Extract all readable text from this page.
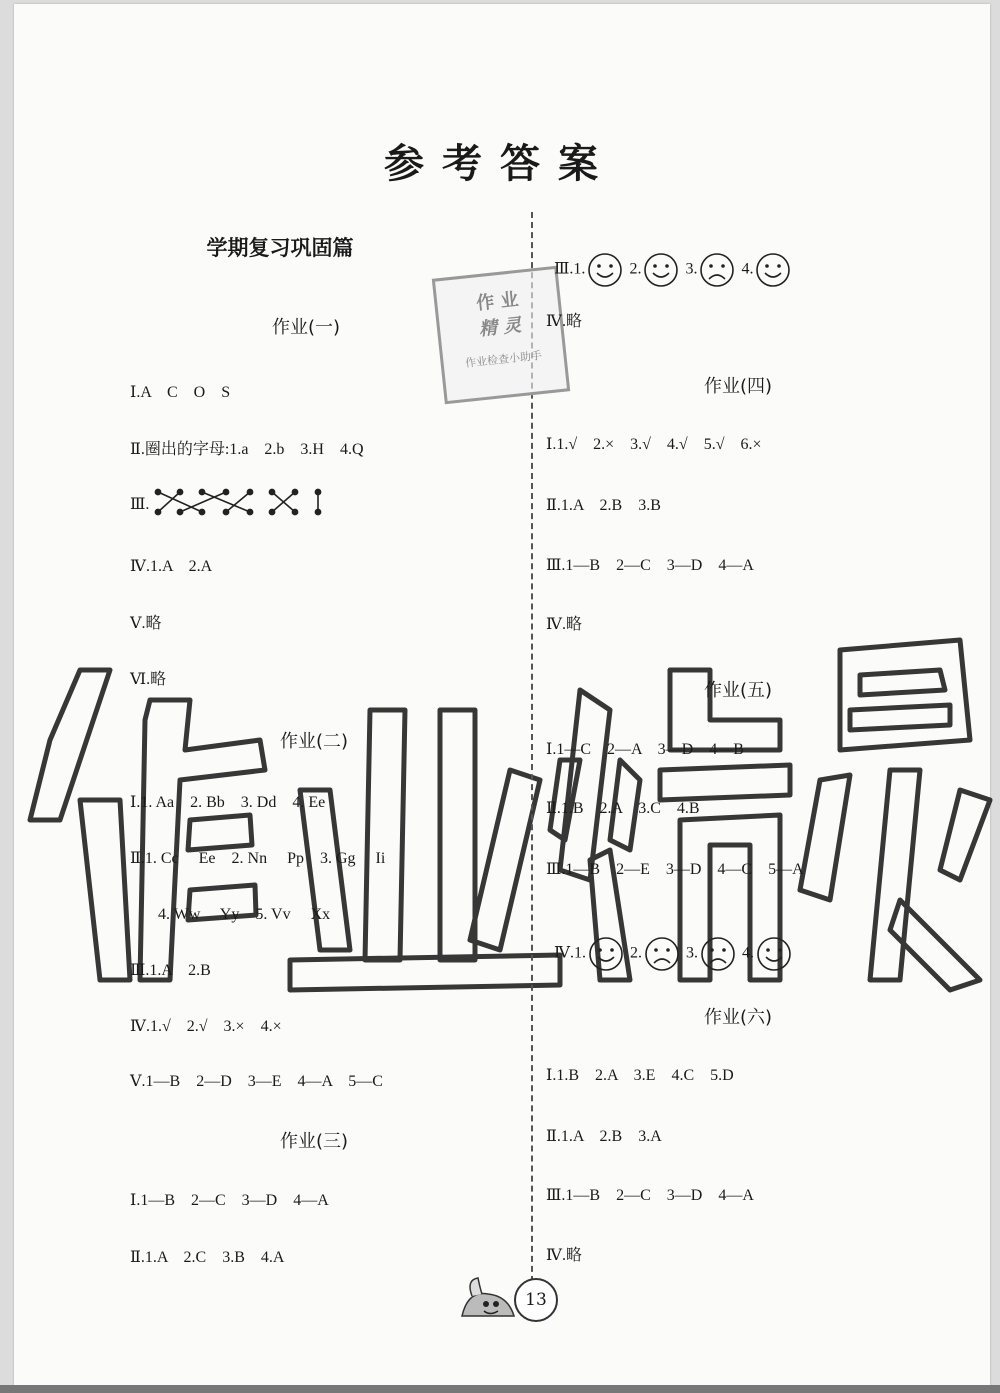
参考答案
学期复习巩固篇
作 业
精 灵
作业检查小助手
作业(一)
Ⅰ.A　C　O　S
Ⅱ.圈出的字母:1.a　2.b　3.H　4.Q
Ⅲ.
Ⅳ.1.A　2.A
Ⅴ.略
Ⅵ.略
作业(二)
Ⅰ.1. Aa　2. Bb　3. Dd　4. Ee
Ⅱ.1. Cc　 Ee　2. Nn　 Pp　3. Gg　 Ii
4. Ww　 Yy　5. Vv　 Xx
Ⅲ.1.A　2.B
Ⅳ.1.√　2.√　3.×　4.×
Ⅴ.1—B　2—D　3—E　4—A　5—C
作业(三)
Ⅰ.1—B　2—C　3—D　4—A
Ⅱ.1.A　2.C　3.B　4.A

Ⅲ.1.	2.	3.	4.

Ⅳ.略
作业(四)
Ⅰ.1.√　2.×　3.√　4.√　5.√　6.×
Ⅱ.1.A　2.B　3.B
Ⅲ.1—B　2—C　3—D　4—A
Ⅳ.略
作业(五)
Ⅰ.1—C　2—A　3—D　4—B
Ⅱ.1.B　2.A　3.C　4.B
Ⅲ.1—B　2—E　3—D　4—C　5—A

Ⅳ.1.	2.	3.	4.

作业(六)
Ⅰ.1.B　2.A　3.E　4.C　5.D
Ⅱ.1.A　2.B　3.A
Ⅲ.1—B　2—C　3—D　4—A
Ⅳ.略
13
